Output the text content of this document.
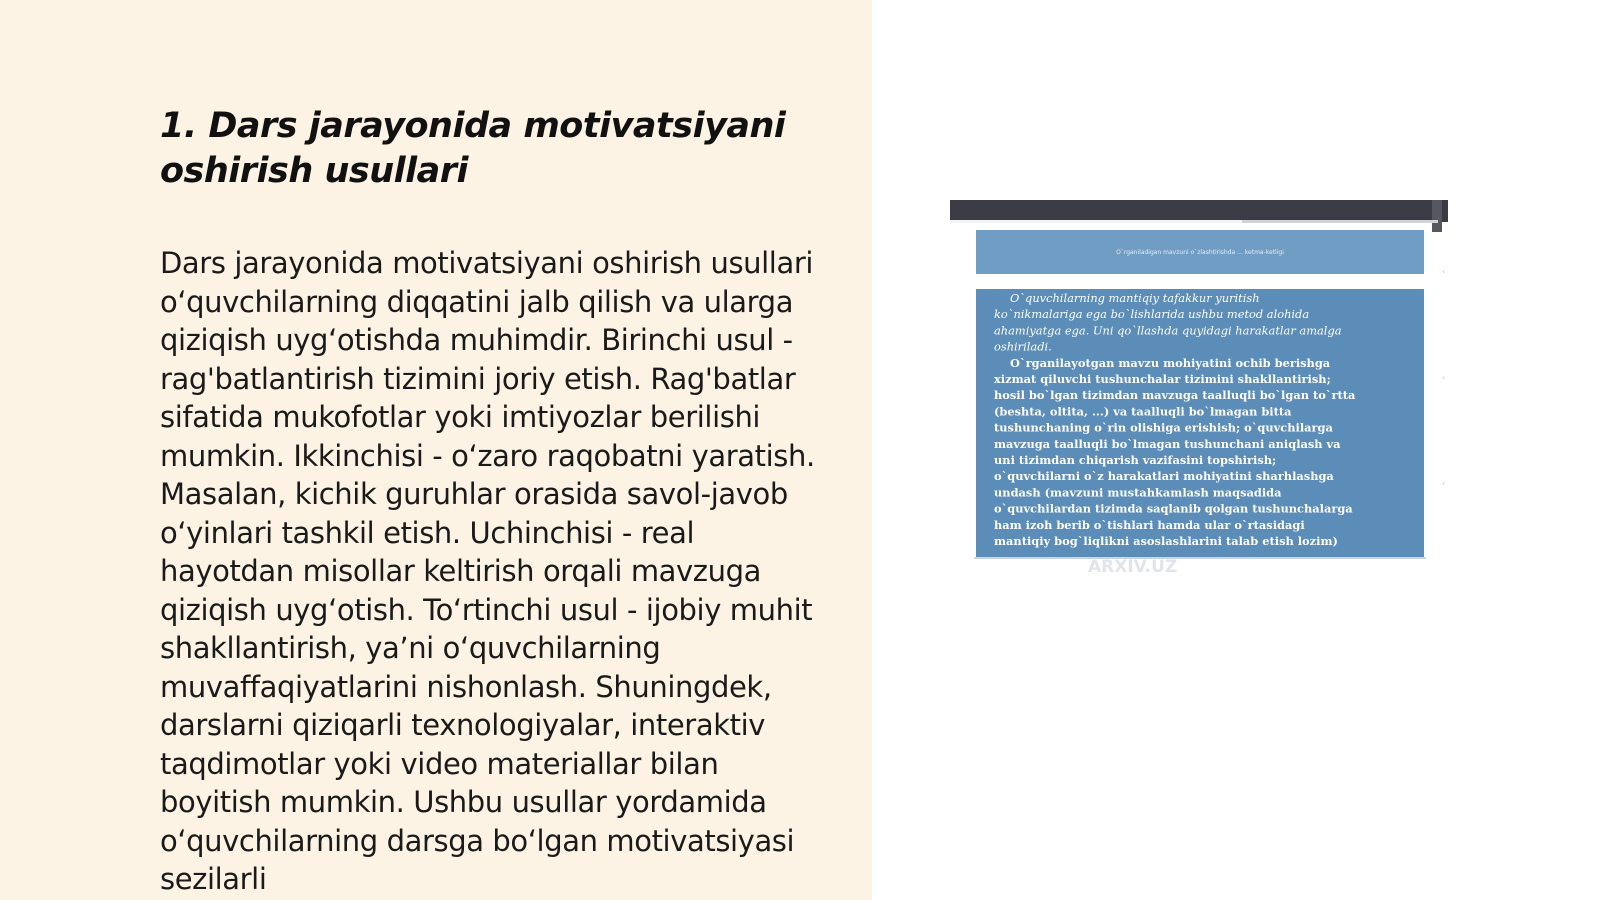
1. Dars jarayonida motivatsiyani oshirish usullari

Dars jarayonida motivatsiyani oshirish usullari o‘quvchilarning diqqatini jalb qilish va ularga qiziqish uyg‘otishda muhimdir. Birinchi usul - rag'batlantirish tizimini joriy etish. Rag'batlar sifatida mukofotlar yoki imtiyozlar berilishi mumkin. Ikkinchisi - o‘zaro raqobatni yaratish. Masalan, kichik guruhlar orasida savol-javob o‘yinlari tashkil etish. Uchinchisi - real hayotdan misollar keltirish orqali mavzuga qiziqish uyg‘otish. To‘rtinchi usul - ijobiy muhit shakllantirish, ya’ni o‘quvchilarning muvaffaqiyatlarini nishonlash. Shuningdek, darslarni qiziqarli texnologiyalar, interaktiv taqdimotlar yoki video materiallar bilan boyitish mumkin. Ushbu usullar yordamida o‘quvchilarning darsga bo‘lgan motivatsiyasi sezilarli

O`rganiladigan mavzuni o`zlashtirishda ... ketma-ketligi
O`quvchilarning mantiqiy tafakkur yuritish
ko`nikmalariga ega bo`lishlarida ushbu metod alohida
ahamiyatga ega. Uni qo`llashda quyidagi harakatlar amalga
oshiriladi.
O`rganilayotgan mavzu mohiyatini ochib berishga
xizmat qiluvchi tushunchalar tizimini shakllantirish;
hosil bo`lgan tizimdan mavzuga taalluqli bo`lgan to`rtta
(beshta, oltita, ...) va taalluqli bo`lmagan bitta
tushunchaning o`rin olishiga erishish; o`quvchilarga
mavzuga taalluqli bo`lmagan tushunchani aniqlash va
uni tizimdan chiqarish vazifasini topshirish;
o`quvchilarni o`z harakatlari mohiyatini sharhlashga
undash (mavzuni mustahkamlash maqsadida
o`quvchilardan tizimda saqlanib qolgan tushunchalarga
ham izoh berib o`tishlari hamda ular o`rtasidagi
mantiqiy bog`liqlikni asoslashlarini talab etish lozim)
ARXIV.UZ
‹
‹
‹
